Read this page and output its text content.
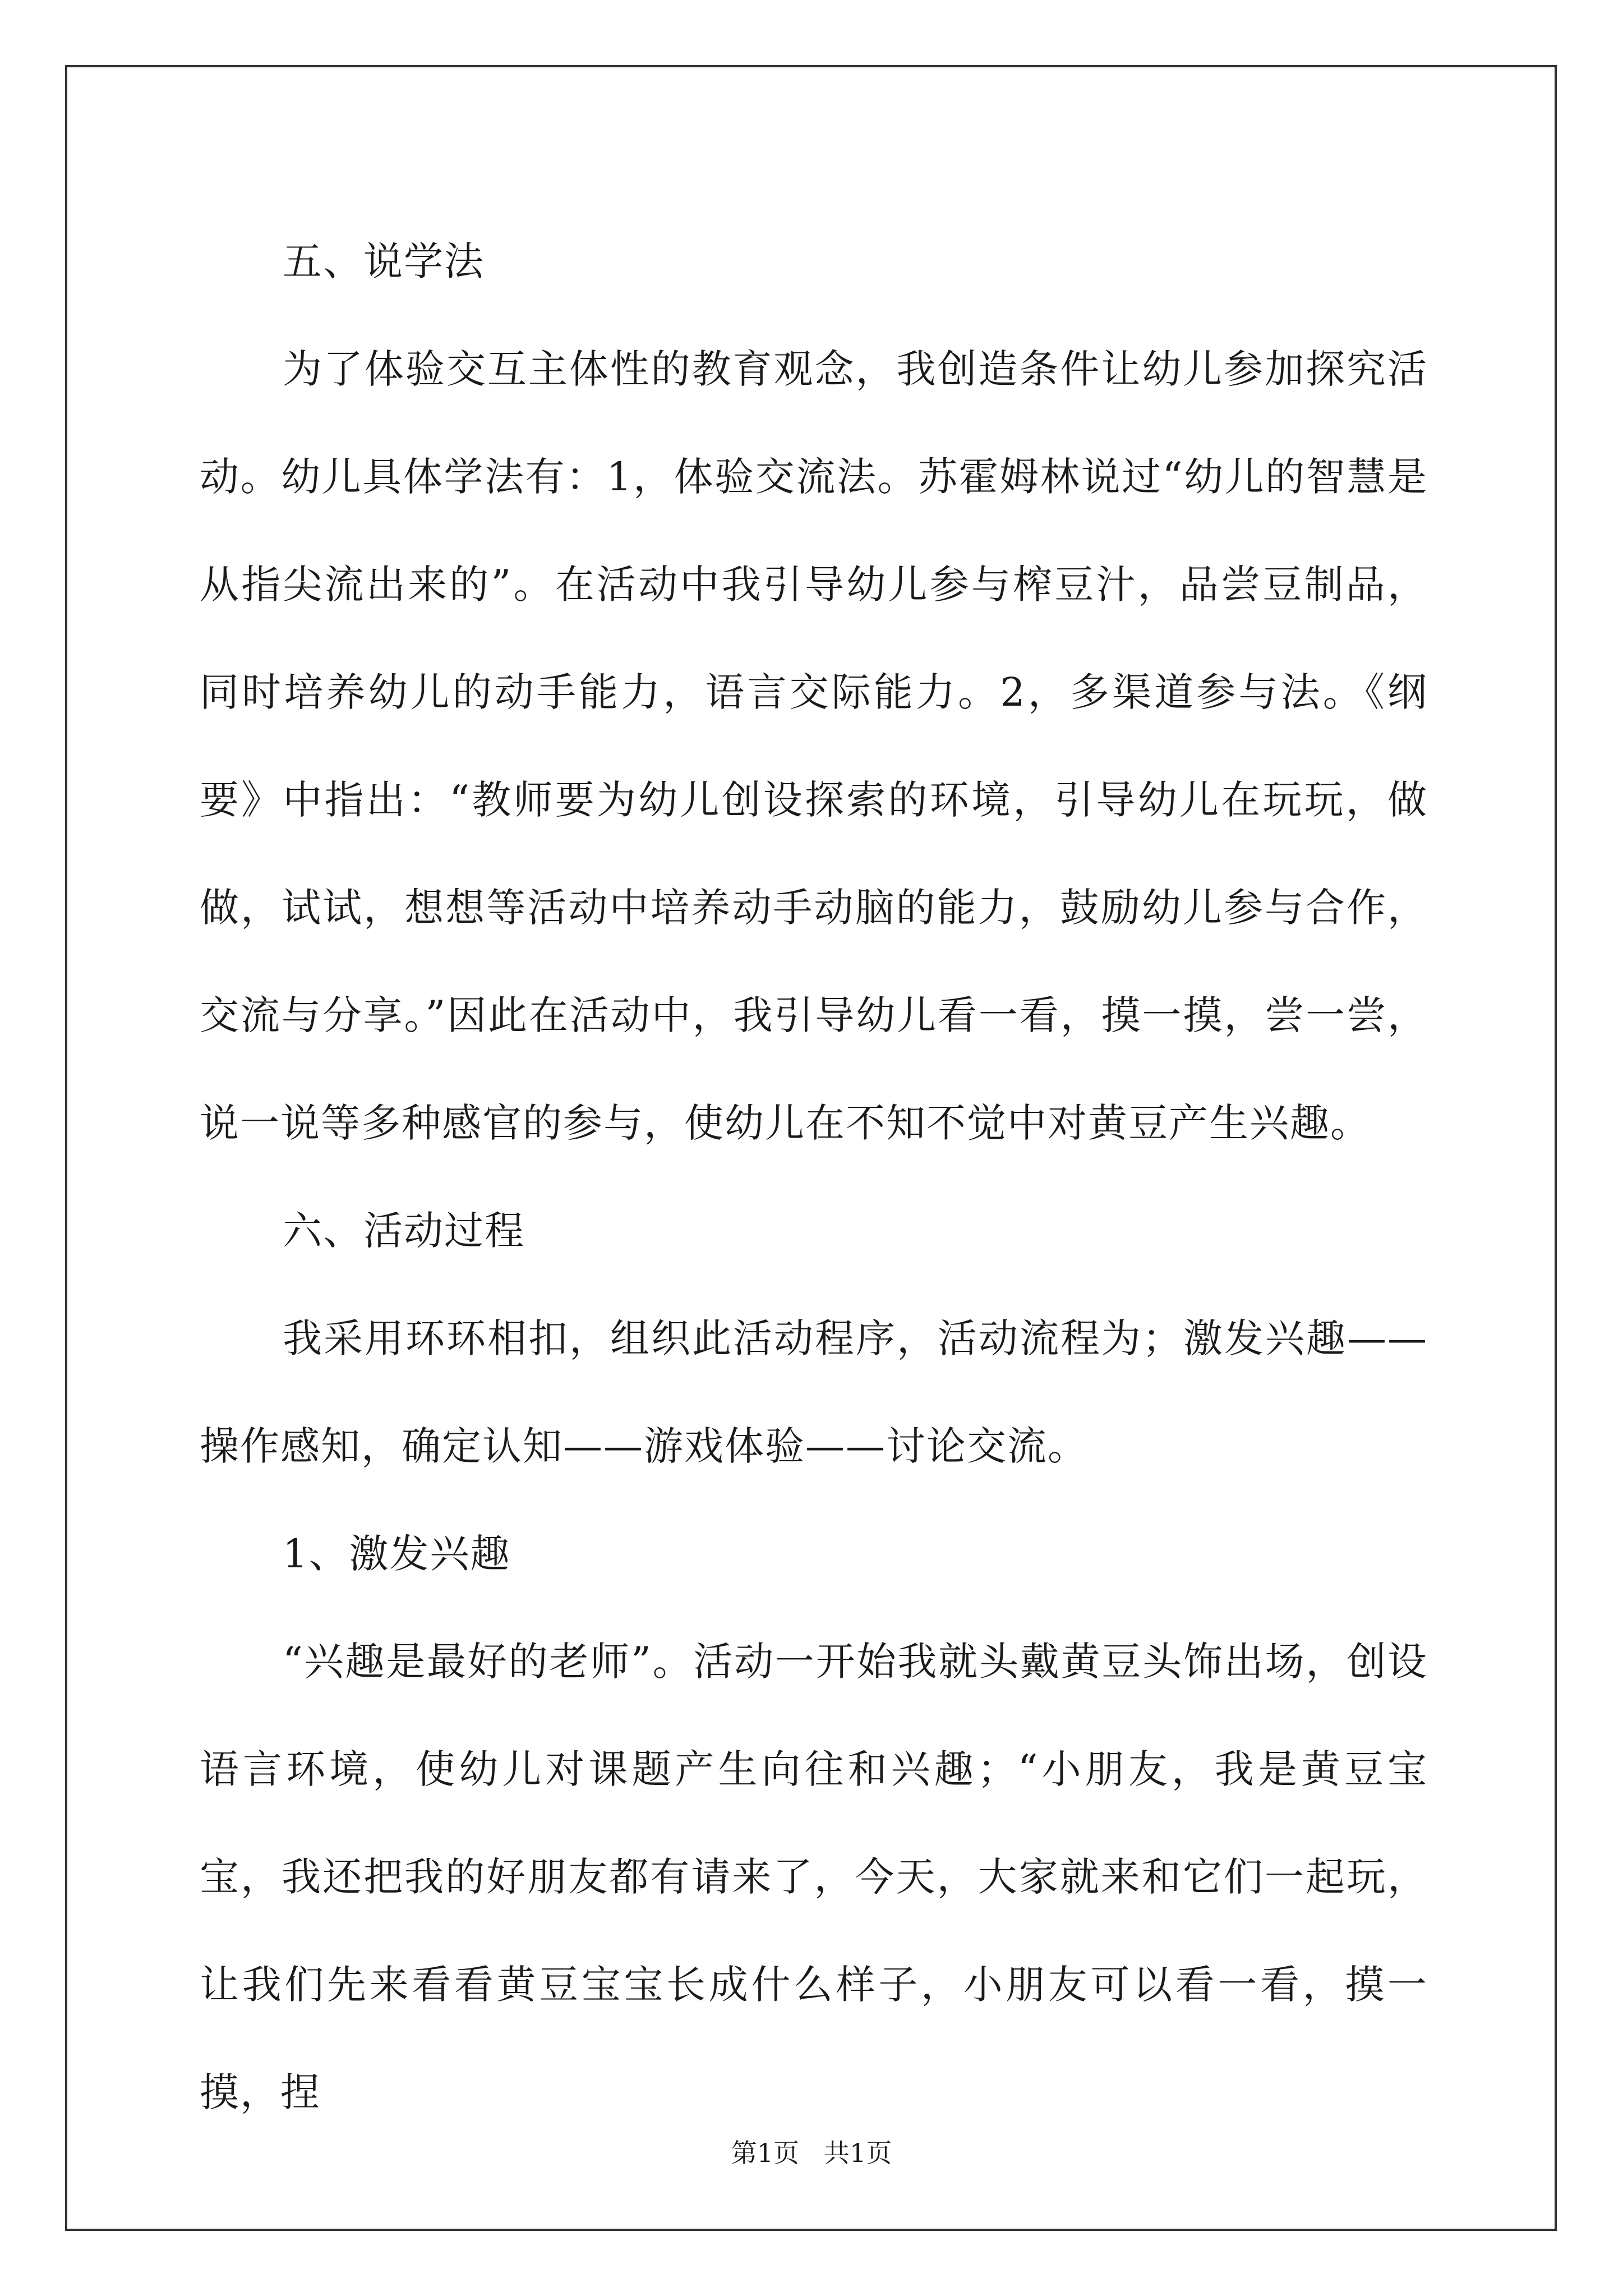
五、说学法

为了体验交互主体性的教育观念，我创造条件让幼儿参加探究活动。幼儿具体学法有：1，体验交流法。苏霍姆林说过“幼儿的智慧是从指尖流出来的”。在活动中我引导幼儿参与榨豆汁，品尝豆制品，同时培养幼儿的动手能力，语言交际能力。2，多渠道参与法。《纲要》中指出：“教师要为幼儿创设探索的环境，引导幼儿在玩玩，做做，试试，想想等活动中培养动手动脑的能力，鼓励幼儿参与合作，交流与分享。”因此在活动中，我引导幼儿看一看，摸一摸，尝一尝，说一说等多种感官的参与，使幼儿在不知不觉中对黄豆产生兴趣。

六、活动过程

我采用环环相扣，组织此活动程序，活动流程为；激发兴趣——操作感知，确定认知——游戏体验——讨论交流。

1、激发兴趣

“兴趣是最好的老师”。活动一开始我就头戴黄豆头饰出场，创设语言环境，使幼儿对课题产生向往和兴趣；“小朋友，我是黄豆宝宝，我还把我的好朋友都有请来了，今天，大家就来和它们一起玩，让我们先来看看黄豆宝宝长成什么样子，小朋友可以看一看，摸一摸，捏

第1页 共1页
